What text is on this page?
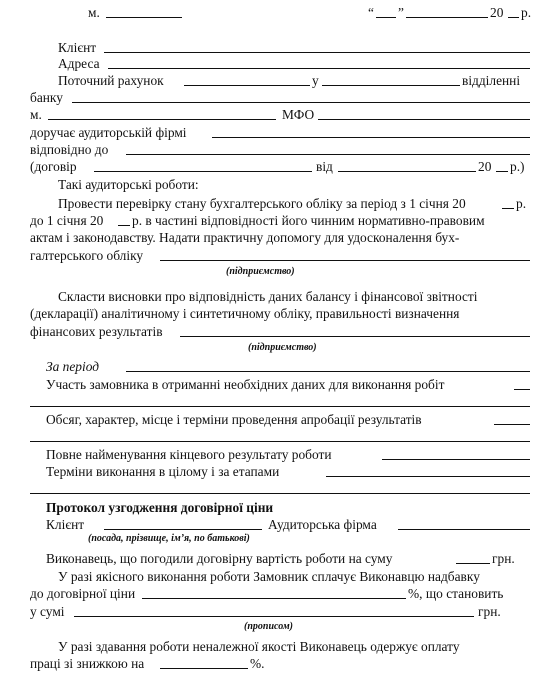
м.	“ ”	20 р.
Клієнт
Адреса
Поточний рахунок	у	відділенні
банку
м.	МФО
доручає аудиторській фірмі
відповідно до
(договір	від	20 р.)
Такі аудиторські роботи:
Провести перевірку стану бухгалтерського обліку за період з 1 січня 20	р.
до 1 січня 20 р. в частині відповідності його чинним нормативно-правовим
актам і законодавству. Надати практичну допомогу для удосконалення бух-
галтерського обліку
(підприємство)
Скласти висновки про відповідність даних балансу і фінансової звітності
(декларації) аналітичному і синтетичному обліку, правильності визначення
фінансових результатів
(підприємство)
За період
Участь замовника в отриманні необхідних даних для виконання робіт
Обсяг, характер, місце і терміни проведення апробації результатів
Повне найменування кінцевого результату роботи
Терміни виконання в цілому і за етапами
Протокол узгодження договірної ціни
Клієнт	Аудиторська фірма
(посада, прізвище, ім’я, по батькові)
Виконавець, що погодили договірну вартість роботи на суму	грн.
У разі якісного виконання роботи Замовник сплачує Виконавцю надбавку
до договірної ціни	%, що становить
у сумі	грн.
(прописом)
У разі здавання роботи неналежної якості Виконавець одержує оплату
праці зі знижкою на	%.
